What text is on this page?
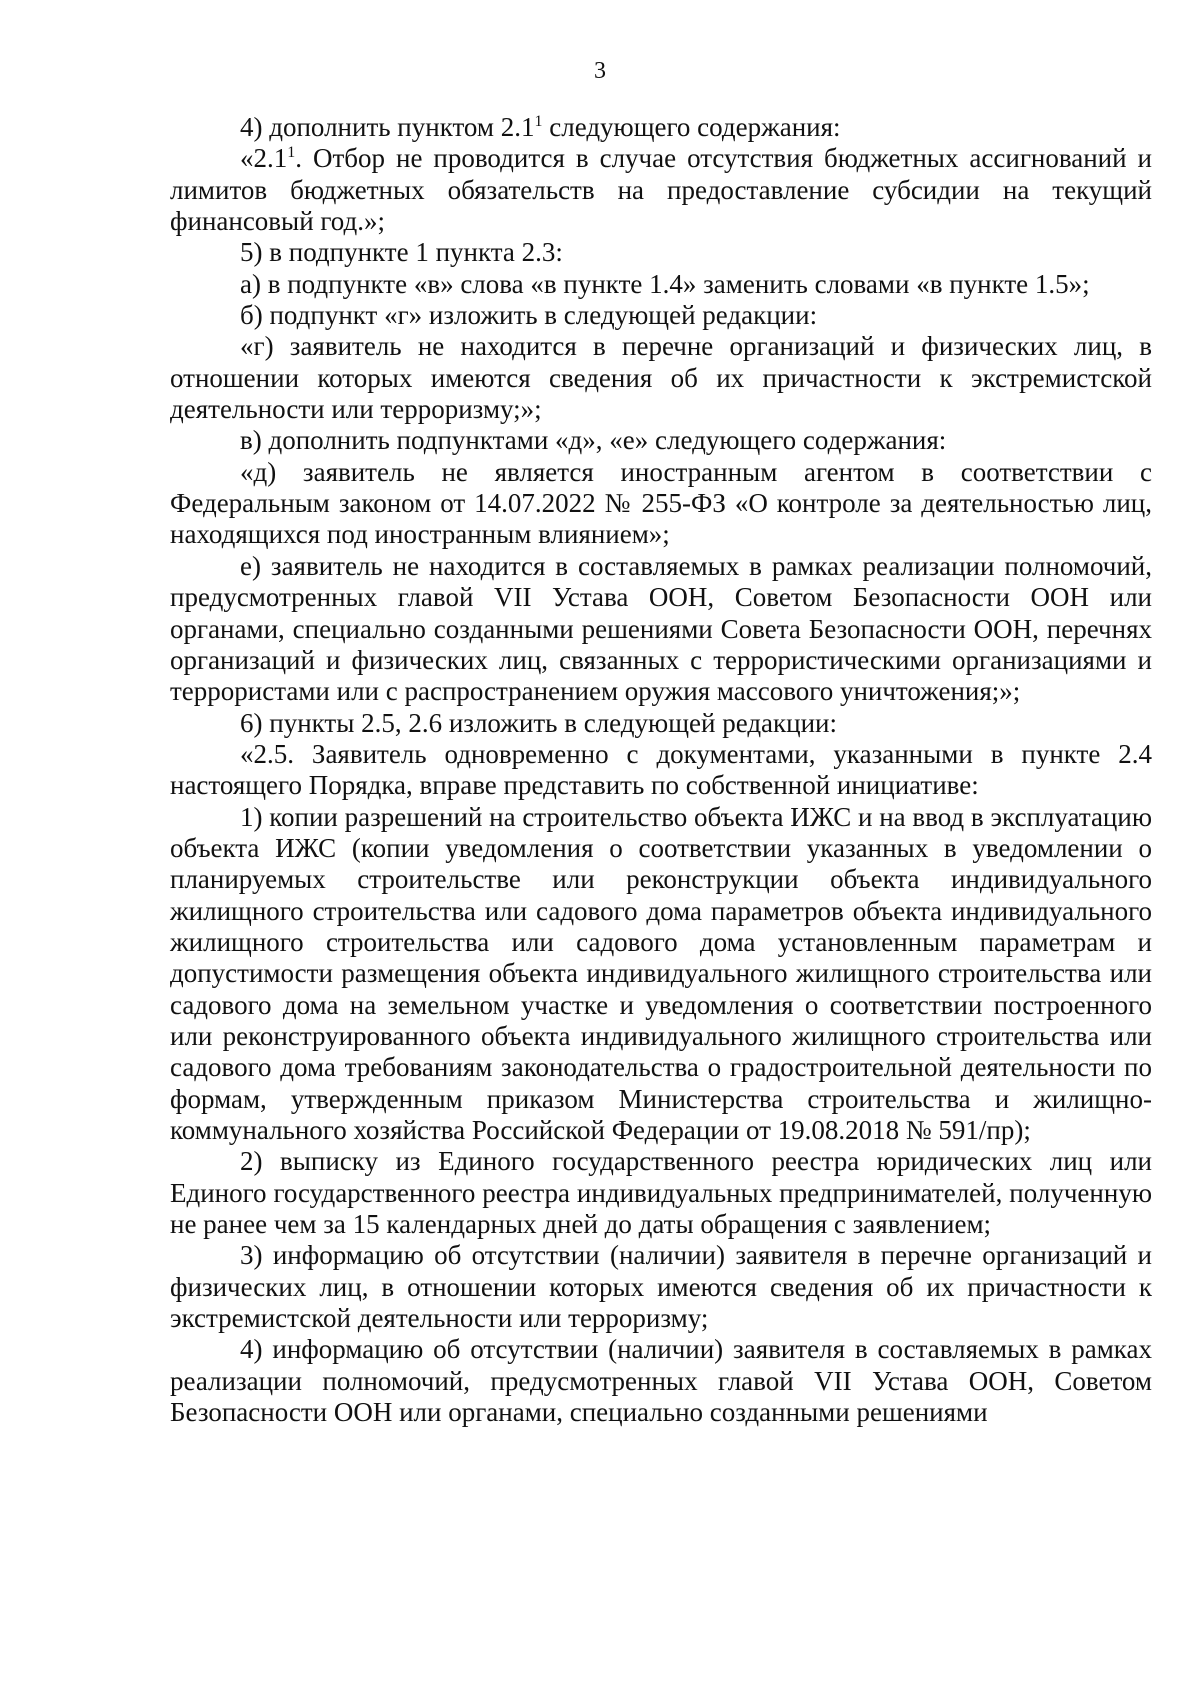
3

4) дополнить пунктом $2.1^1$ следующего содержания:

«$2.1^1$. Отбор не проводится в случае отсутствия бюджетных ассигнований и лимитов бюджетных обязательств на предоставление субсидии на текущий финансовый год.»;

5) в подпункте 1 пункта 2.3:

а) в подпункте «в» слова «в пункте 1.4» заменить словами «в пункте 1.5»;

б) подпункт «г» изложить в следующей редакции:

«г) заявитель не находится в перечне организаций и физических лиц, в отношении которых имеются сведения об их причастности к экстремистской деятельности или терроризму;»;

в) дополнить подпунктами «д», «е» следующего содержания:

«д) заявитель не является иностранным агентом в соответствии с Федеральным законом от 14.07.2022 № 255-ФЗ «О контроле за деятельностью лиц, находящихся под иностранным влиянием»;

е) заявитель не находится в составляемых в рамках реализации полномочий, предусмотренных главой VII Устава ООН, Советом Безопасности ООН или органами, специально созданными решениями Совета Безопасности ООН, перечнях организаций и физических лиц, связанных с террористическими организациями и террористами или с распространением оружия массового уничтожения;»;

6) пункты 2.5, 2.6 изложить в следующей редакции:

«2.5. Заявитель одновременно с документами, указанными в пункте 2.4 настоящего Порядка, вправе представить по собственной инициативе:

1) копии разрешений на строительство объекта ИЖС и на ввод в эксплуатацию объекта ИЖС (копии уведомления о соответствии указанных в уведомлении о планируемых строительстве или реконструкции объекта индивидуального жилищного строительства или садового дома параметров объекта индивидуального жилищного строительства или садового дома установленным параметрам и допустимости размещения объекта индивидуального жилищного строительства или садового дома на земельном участке и уведомления о соответствии построенного или реконструированного объекта индивидуального жилищного строительства или садового дома требованиям законодательства о градостроительной деятельности по формам, утвержденным приказом Министерства строительства и жилищно-коммунального хозяйства Российской Федерации от 19.08.2018 № 591/пр);

2) выписку из Единого государственного реестра юридических лиц или Единого государственного реестра индивидуальных предпринимателей, полученную не ранее чем за 15 календарных дней до даты обращения с заявлением;

3) информацию об отсутствии (наличии) заявителя в перечне организаций и физических лиц, в отношении которых имеются сведения об их причастности к экстремистской деятельности или терроризму;

4) информацию об отсутствии (наличии) заявителя в составляемых в рамках реализации полномочий, предусмотренных главой VII Устава ООН, Советом Безопасности ООН или органами, специально созданными решениями
